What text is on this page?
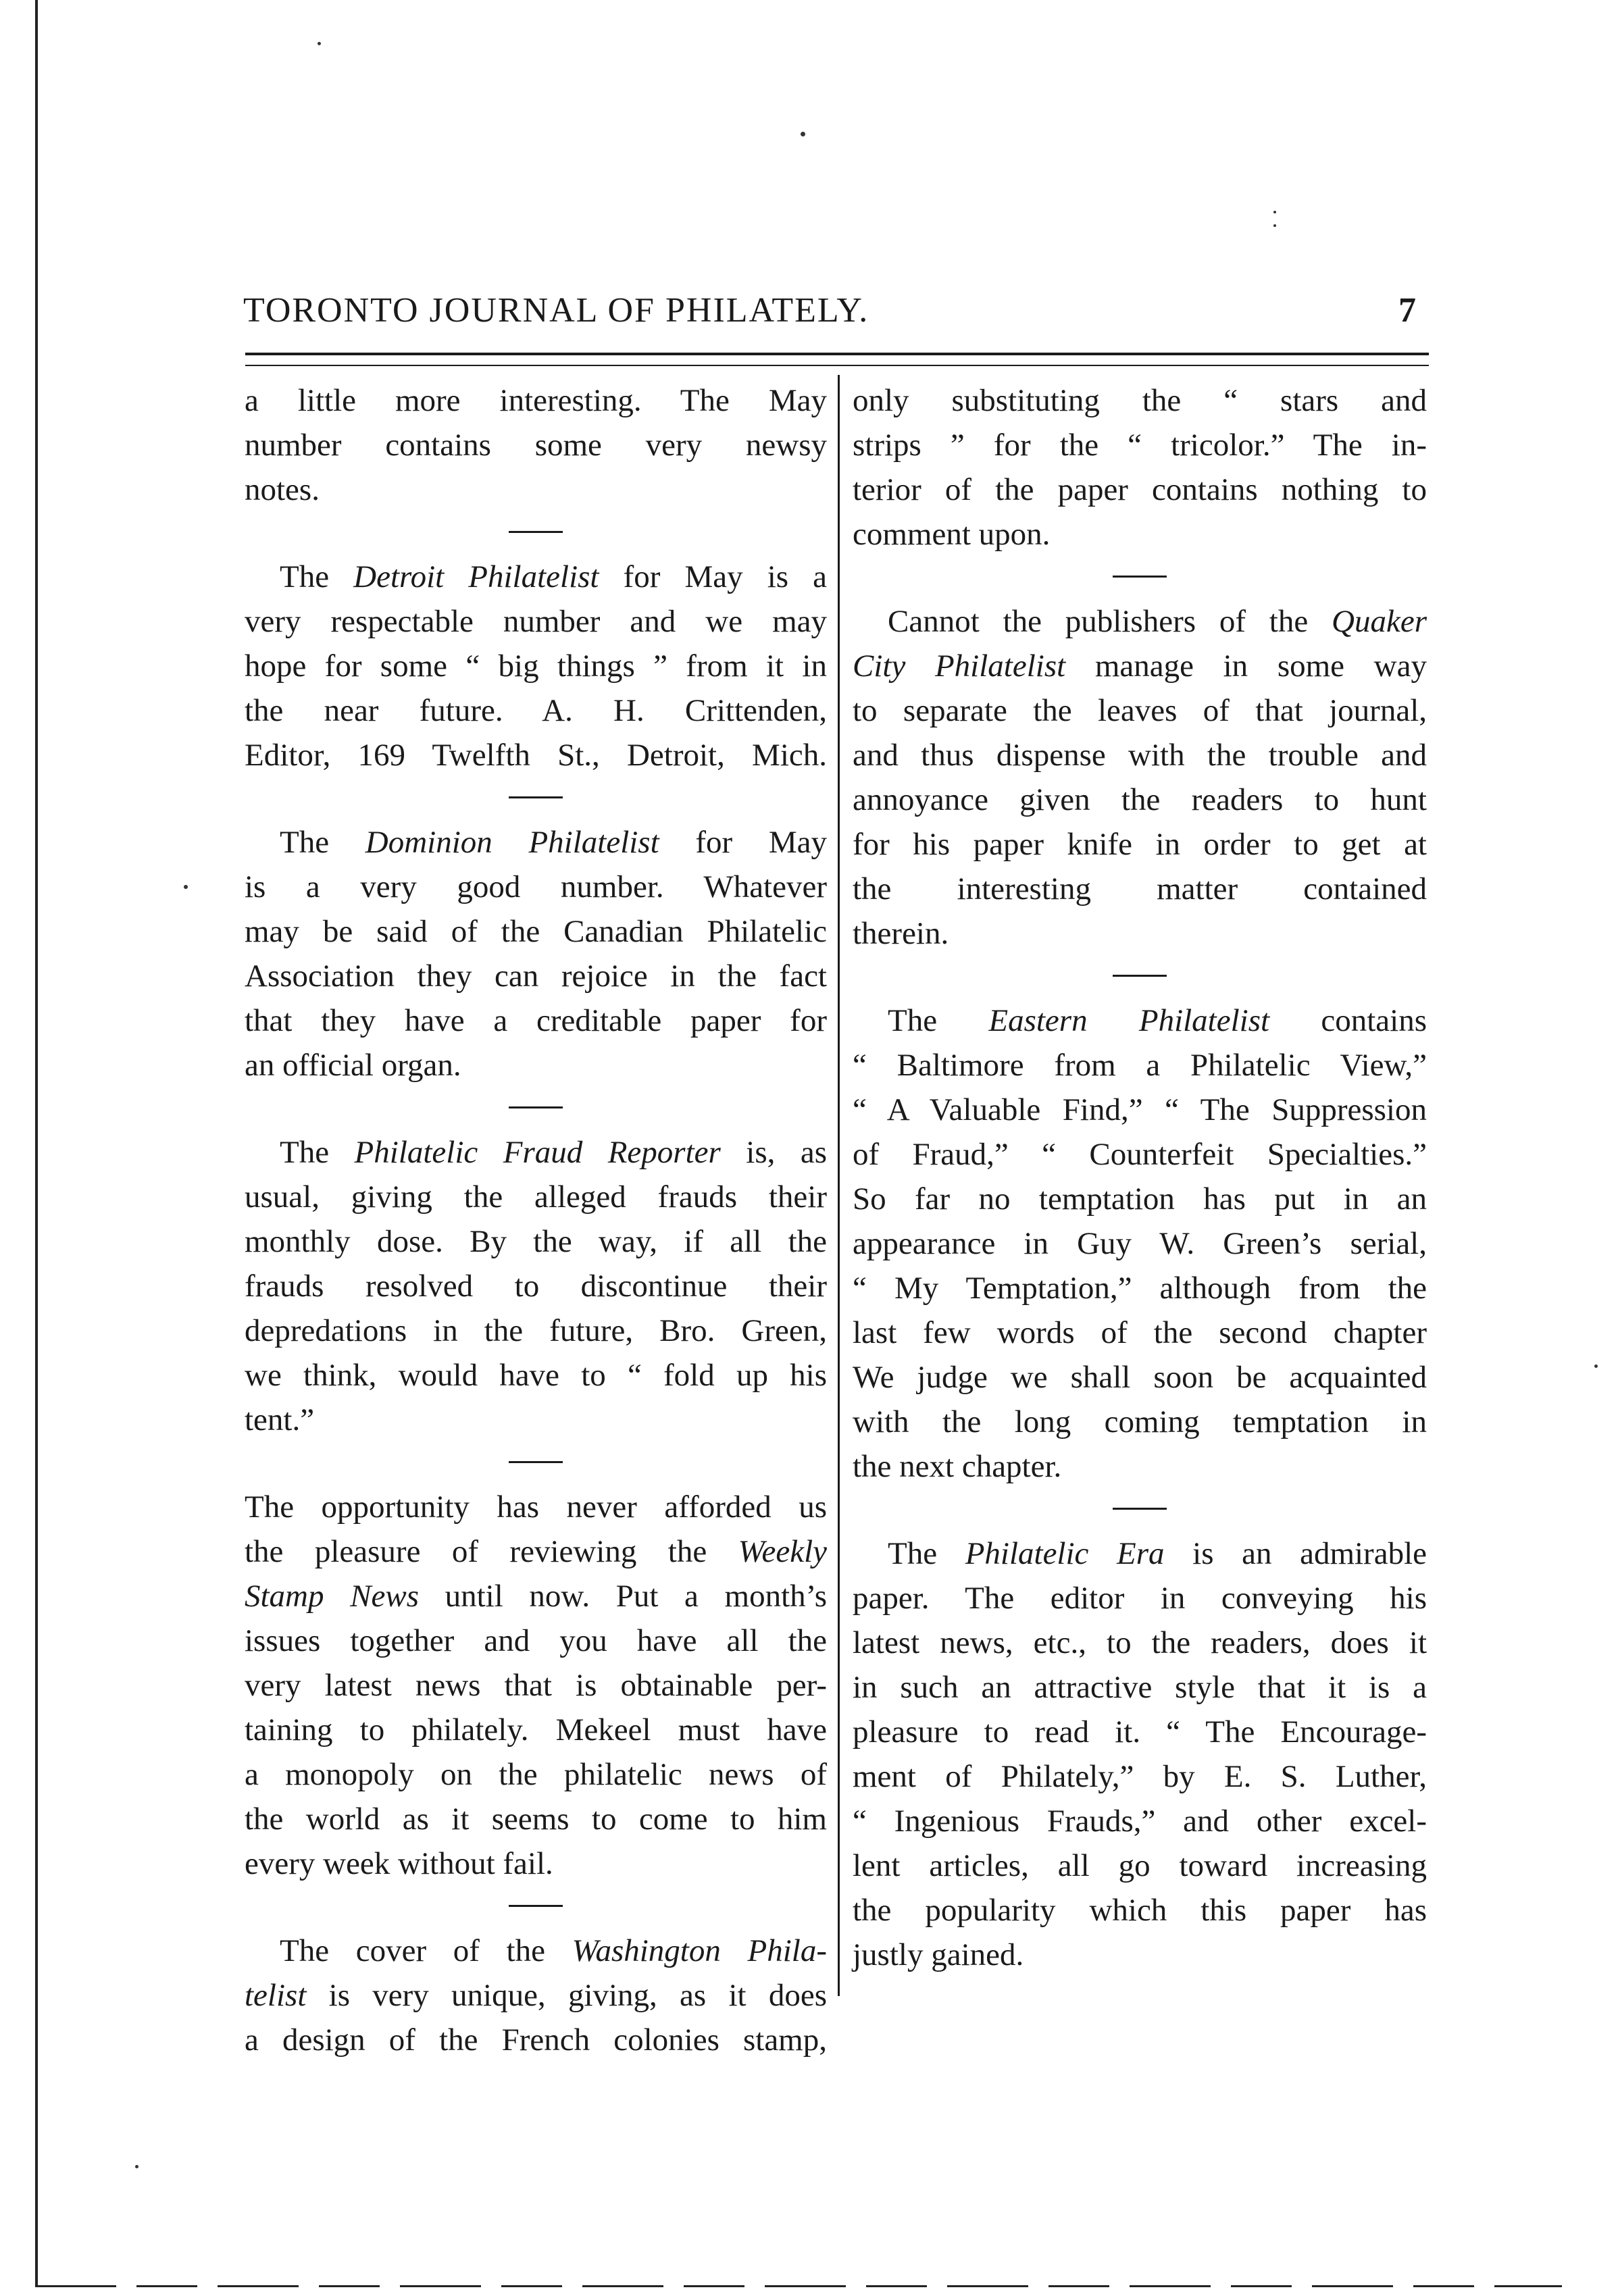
TORONTO JOURNAL OF PHILATELY.	7
a little more interesting. The May
number contains some very newsy
notes.
The Detroit Philatelist for May is a
very respectable number and we may
hope for some “ big things ” from it in
the near future. A. H. Crittenden,
Editor, 169 Twelfth St., Detroit, Mich.
The Dominion Philatelist for May
is a very good number. Whatever
may be said of the Canadian Philatelic
Association they can rejoice in the fact
that they have a creditable paper for
an official organ.
The Philatelic Fraud Reporter is, as
usual, giving the alleged frauds their
monthly dose. By the way, if all the
frauds resolved to discontinue their
depredations in the future, Bro. Green,
we think, would have to “ fold up his
tent.”
The opportunity has never afforded us
the pleasure of reviewing the Weekly
Stamp News until now. Put a month’s
issues together and you have all the
very latest news that is obtainable per-
taining to philately. Mekeel must have
a monopoly on the philatelic news of
the world as it seems to come to him
every week without fail.
The cover of the Washington Phila-
telist is very unique, giving, as it does
a design of the French colonies stamp,
only substituting the “ stars and
strips ” for the “ tricolor.” The in-
terior of the paper contains nothing to
comment upon.
Cannot the publishers of the Quaker
City Philatelist manage in some way
to separate the leaves of that journal,
and thus dispense with the trouble and
annoyance given the readers to hunt
for his paper knife in order to get at
the interesting matter contained
therein.
The Eastern Philatelist contains
“ Baltimore from a Philatelic View,”
“ A Valuable Find,” “ The Suppression
of Fraud,” “ Counterfeit Specialties.”
So far no temptation has put in an
appearance in Guy W. Green’s serial,
“ My Temptation,” although from the
last few words of the second chapter
We judge we shall soon be acquainted
with the long coming temptation in
the next chapter.
The Philatelic Era is an admirable
paper. The editor in conveying his
latest news, etc., to the readers, does it
in such an attractive style that it is a
pleasure to read it. “ The Encourage-
ment of Philately,” by E. S. Luther,
“ Ingenious Frauds,” and other excel-
lent articles, all go toward increasing
the popularity which this paper has
justly gained.
